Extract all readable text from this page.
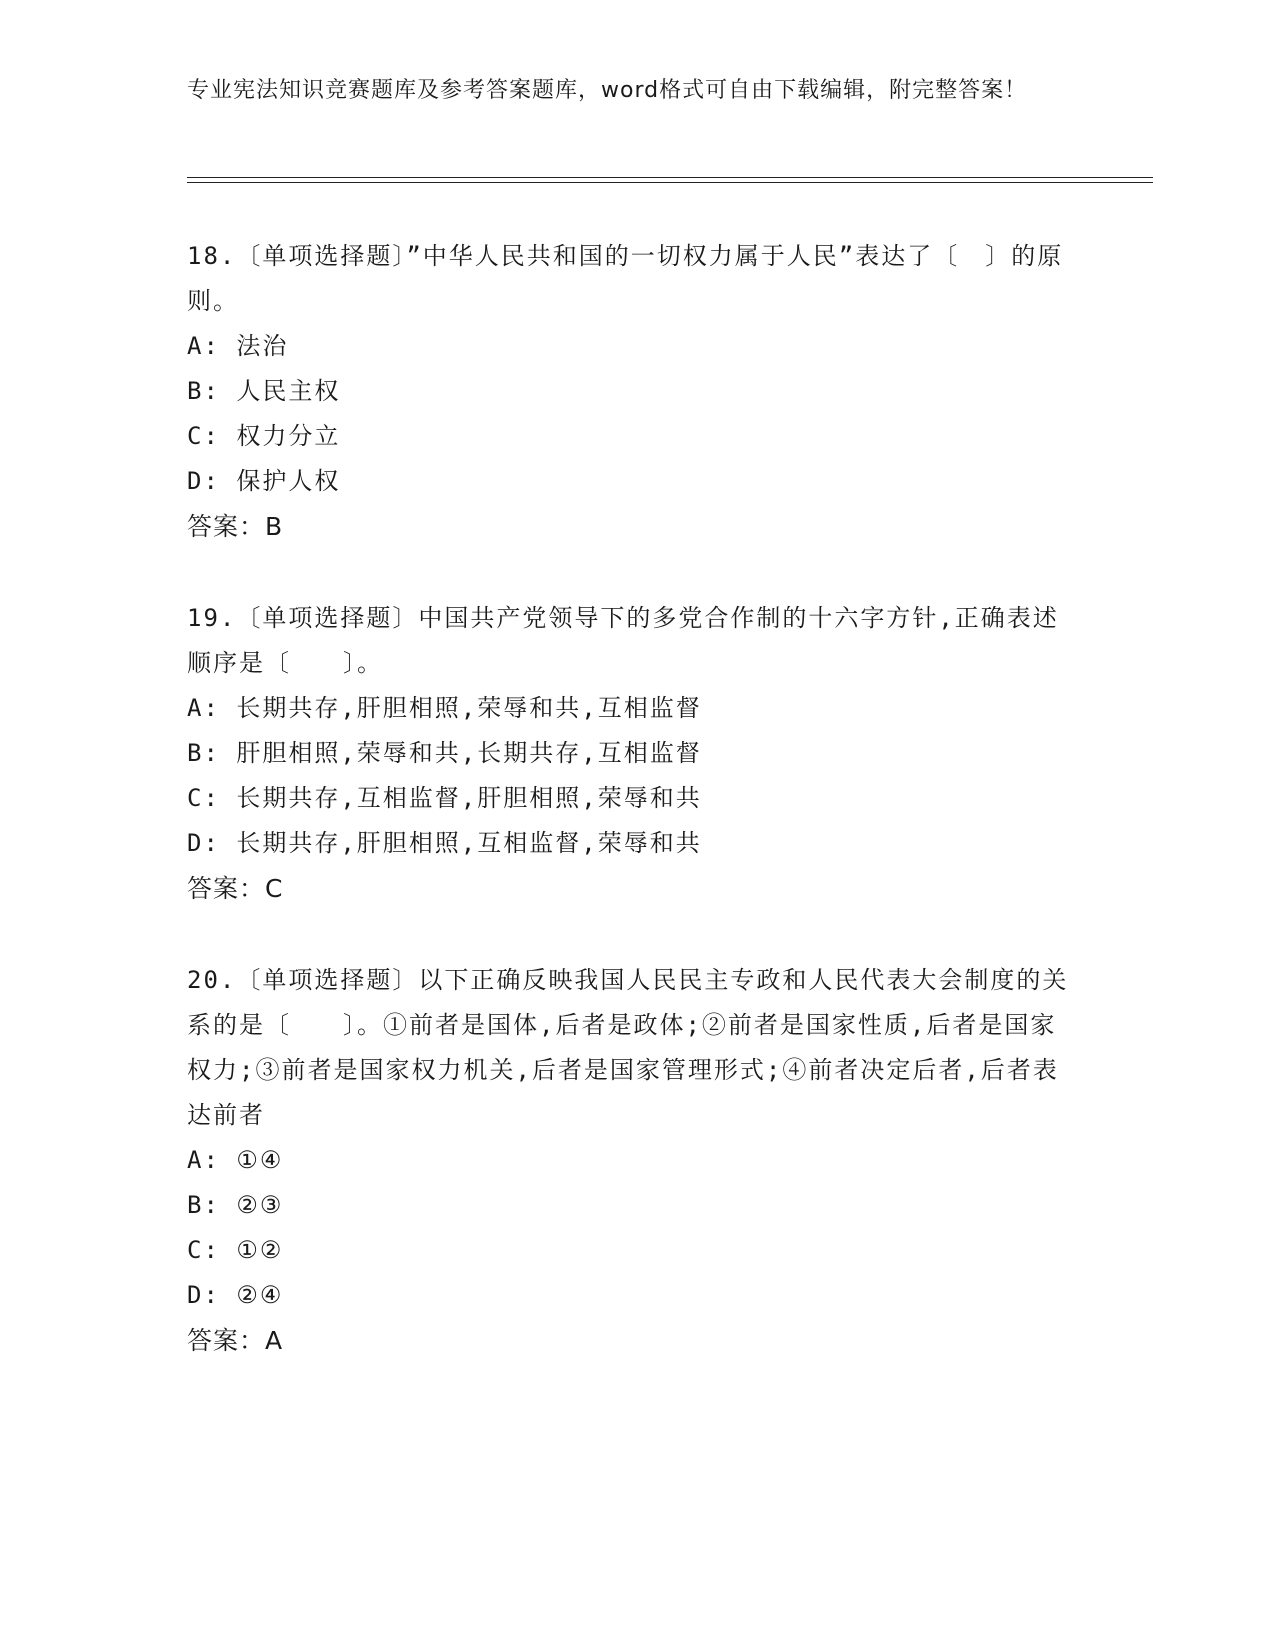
专业宪法知识竞赛题库及参考答案题库，word格式可自由下载编辑，附完整答案！
18.〔单项选择题〕”中华人民共和国的一切权力属于人民”表达了〔　〕的原则。
A: 法治
B: 人民主权
C: 权力分立
D: 保护人权
答案：B
19.〔单项选择题〕中国共产党领导下的多党合作制的十六字方针,正确表述顺序是〔　　〕。
A: 长期共存,肝胆相照,荣辱和共,互相监督
B: 肝胆相照,荣辱和共,长期共存,互相监督
C: 长期共存,互相监督,肝胆相照,荣辱和共
D: 长期共存,肝胆相照,互相监督,荣辱和共
答案：C
20.〔单项选择题〕以下正确反映我国人民民主专政和人民代表大会制度的关系的是〔　　〕。①前者是国体,后者是政体;②前者是国家性质,后者是国家权力;③前者是国家权力机关,后者是国家管理形式;④前者决定后者,后者表达前者
A: ①④
B: ②③
C: ①②
D: ②④
答案：A
